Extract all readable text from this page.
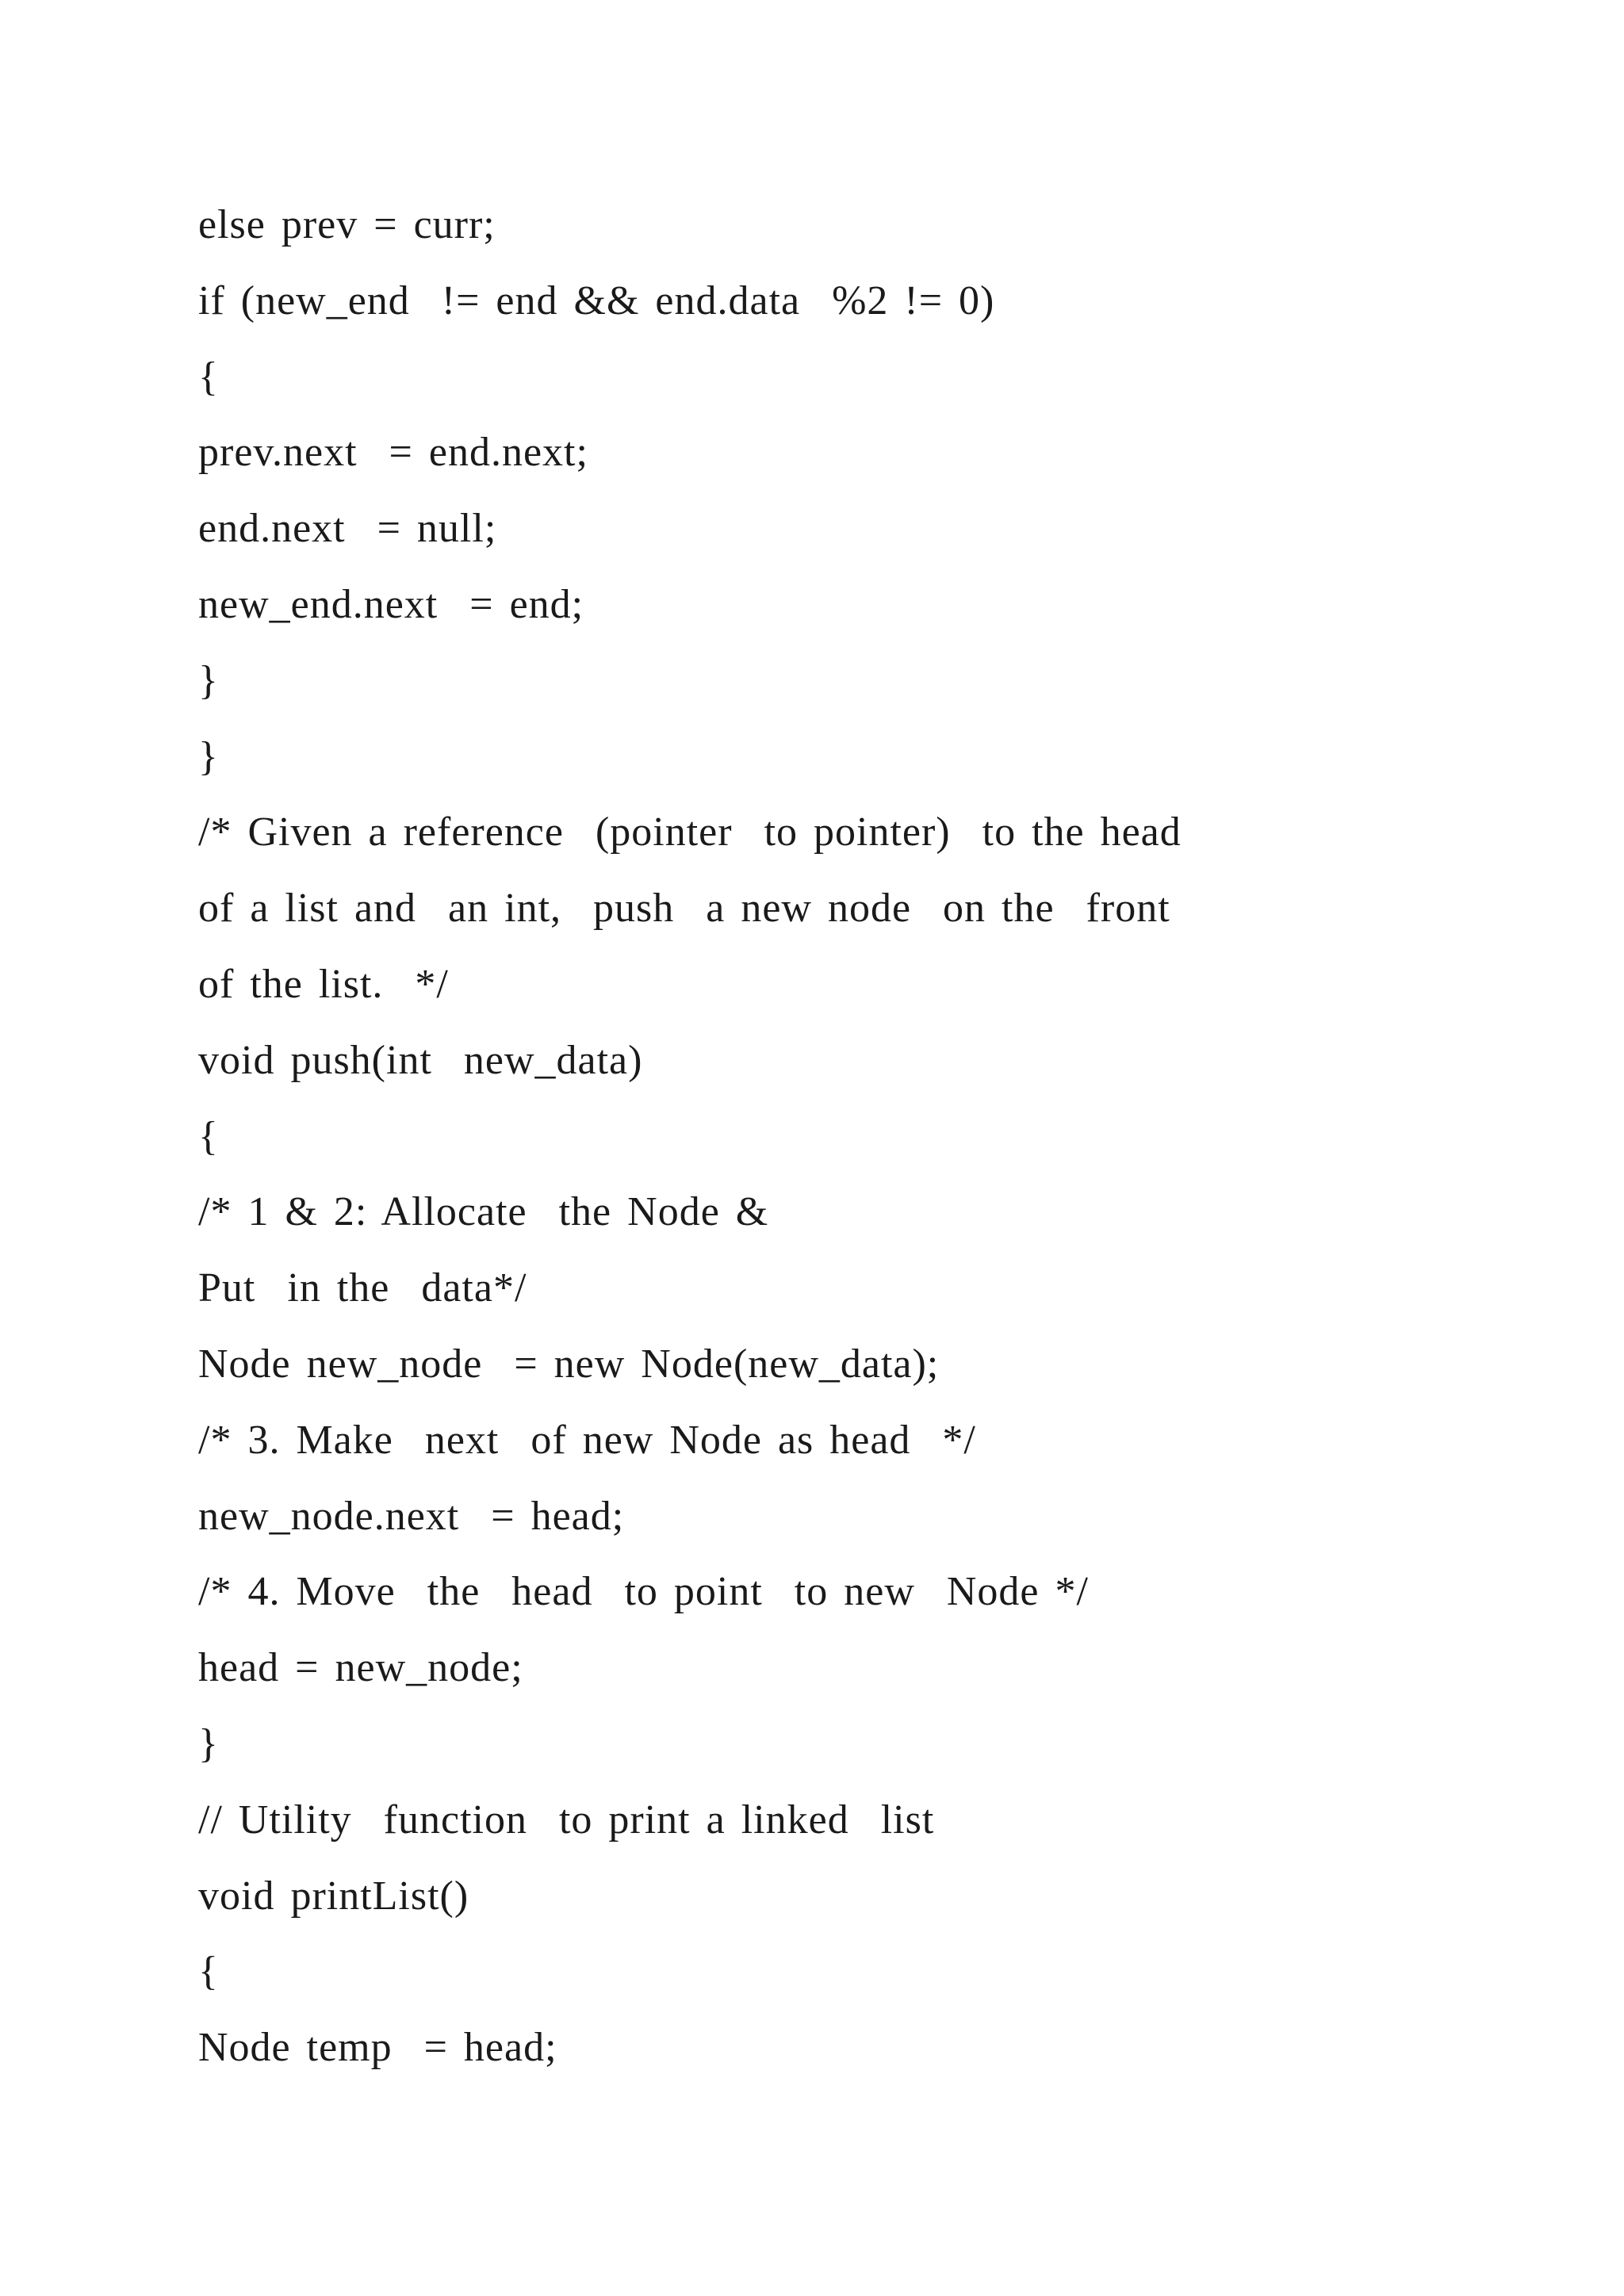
else prev = curr;
if (new_end  != end && end.data  %2 != 0)
{
prev.next  = end.next;
end.next  = null;
new_end.next  = end;
}
}
/* Given a reference  (pointer  to pointer)  to the head
of a list and  an int,  push  a new node  on the  front
of the list.  */
void push(int  new_data)
{
/* 1 & 2: Allocate  the Node &
Put  in the  data*/
Node new_node  = new Node(new_data);
/* 3. Make  next  of new Node as head  */
new_node.next  = head;
/* 4. Move  the  head  to point  to new  Node */
head = new_node;
}
// Utility  function  to print a linked  list
void printList()
{
Node temp  = head;
